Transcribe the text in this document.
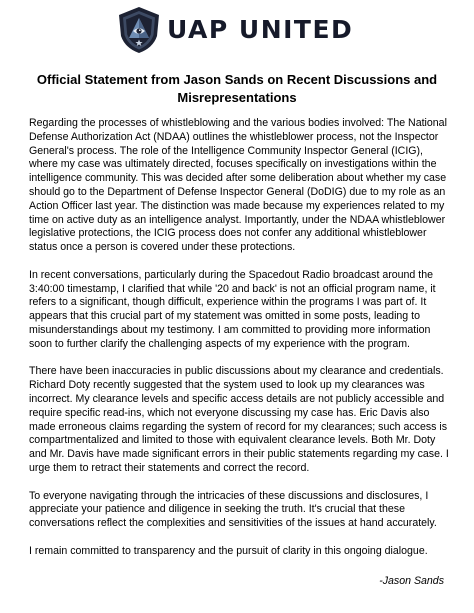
UAP UNITED
Official Statement from Jason Sands on Recent Discussions and Misrepresentations

Regarding the processes of whistleblowing and the various bodies involved: The National Defense Authorization Act (NDAA) outlines the whistleblower process, not the Inspector General's process. The role of the Intelligence Community Inspector General (ICIG), where my case was ultimately directed, focuses specifically on investigations within the intelligence community. This was decided after some deliberation about whether my case should go to the Department of Defense Inspector General (DoDIG) due to my role as an Action Officer last year. The distinction was made because my experiences related to my time on active duty as an intelligence analyst. Importantly, under the NDAA whistleblower legislative protections, the ICIG process does not confer any additional whistleblower status once a person is covered under these protections.

In recent conversations, particularly during the Spacedout Radio broadcast around the 3:40:00 timestamp, I clarified that while '20 and back' is not an official program name, it refers to a significant, though difficult, experience within the programs I was part of. It appears that this crucial part of my statement was omitted in some posts, leading to misunderstandings about my testimony. I am committed to providing more information soon to further clarify the challenging aspects of my experience with the program.

There have been inaccuracies in public discussions about my clearance and credentials. Richard Doty recently suggested that the system used to look up my clearances was incorrect. My clearance levels and specific access details are not publicly accessible and require specific read-ins, which not everyone discussing my case has. Eric Davis also made erroneous claims regarding the system of record for my clearances; such access is compartmentalized and limited to those with equivalent clearance levels. Both Mr. Doty and Mr. Davis have made significant errors in their public statements regarding my case. I urge them to retract their statements and correct the record.

To everyone navigating through the intricacies of these discussions and disclosures, I appreciate your patience and diligence in seeking the truth. It's crucial that these conversations reflect the complexities and sensitivities of the issues at hand accurately.

I remain committed to transparency and the pursuit of clarity in this ongoing dialogue.

-Jason Sands
